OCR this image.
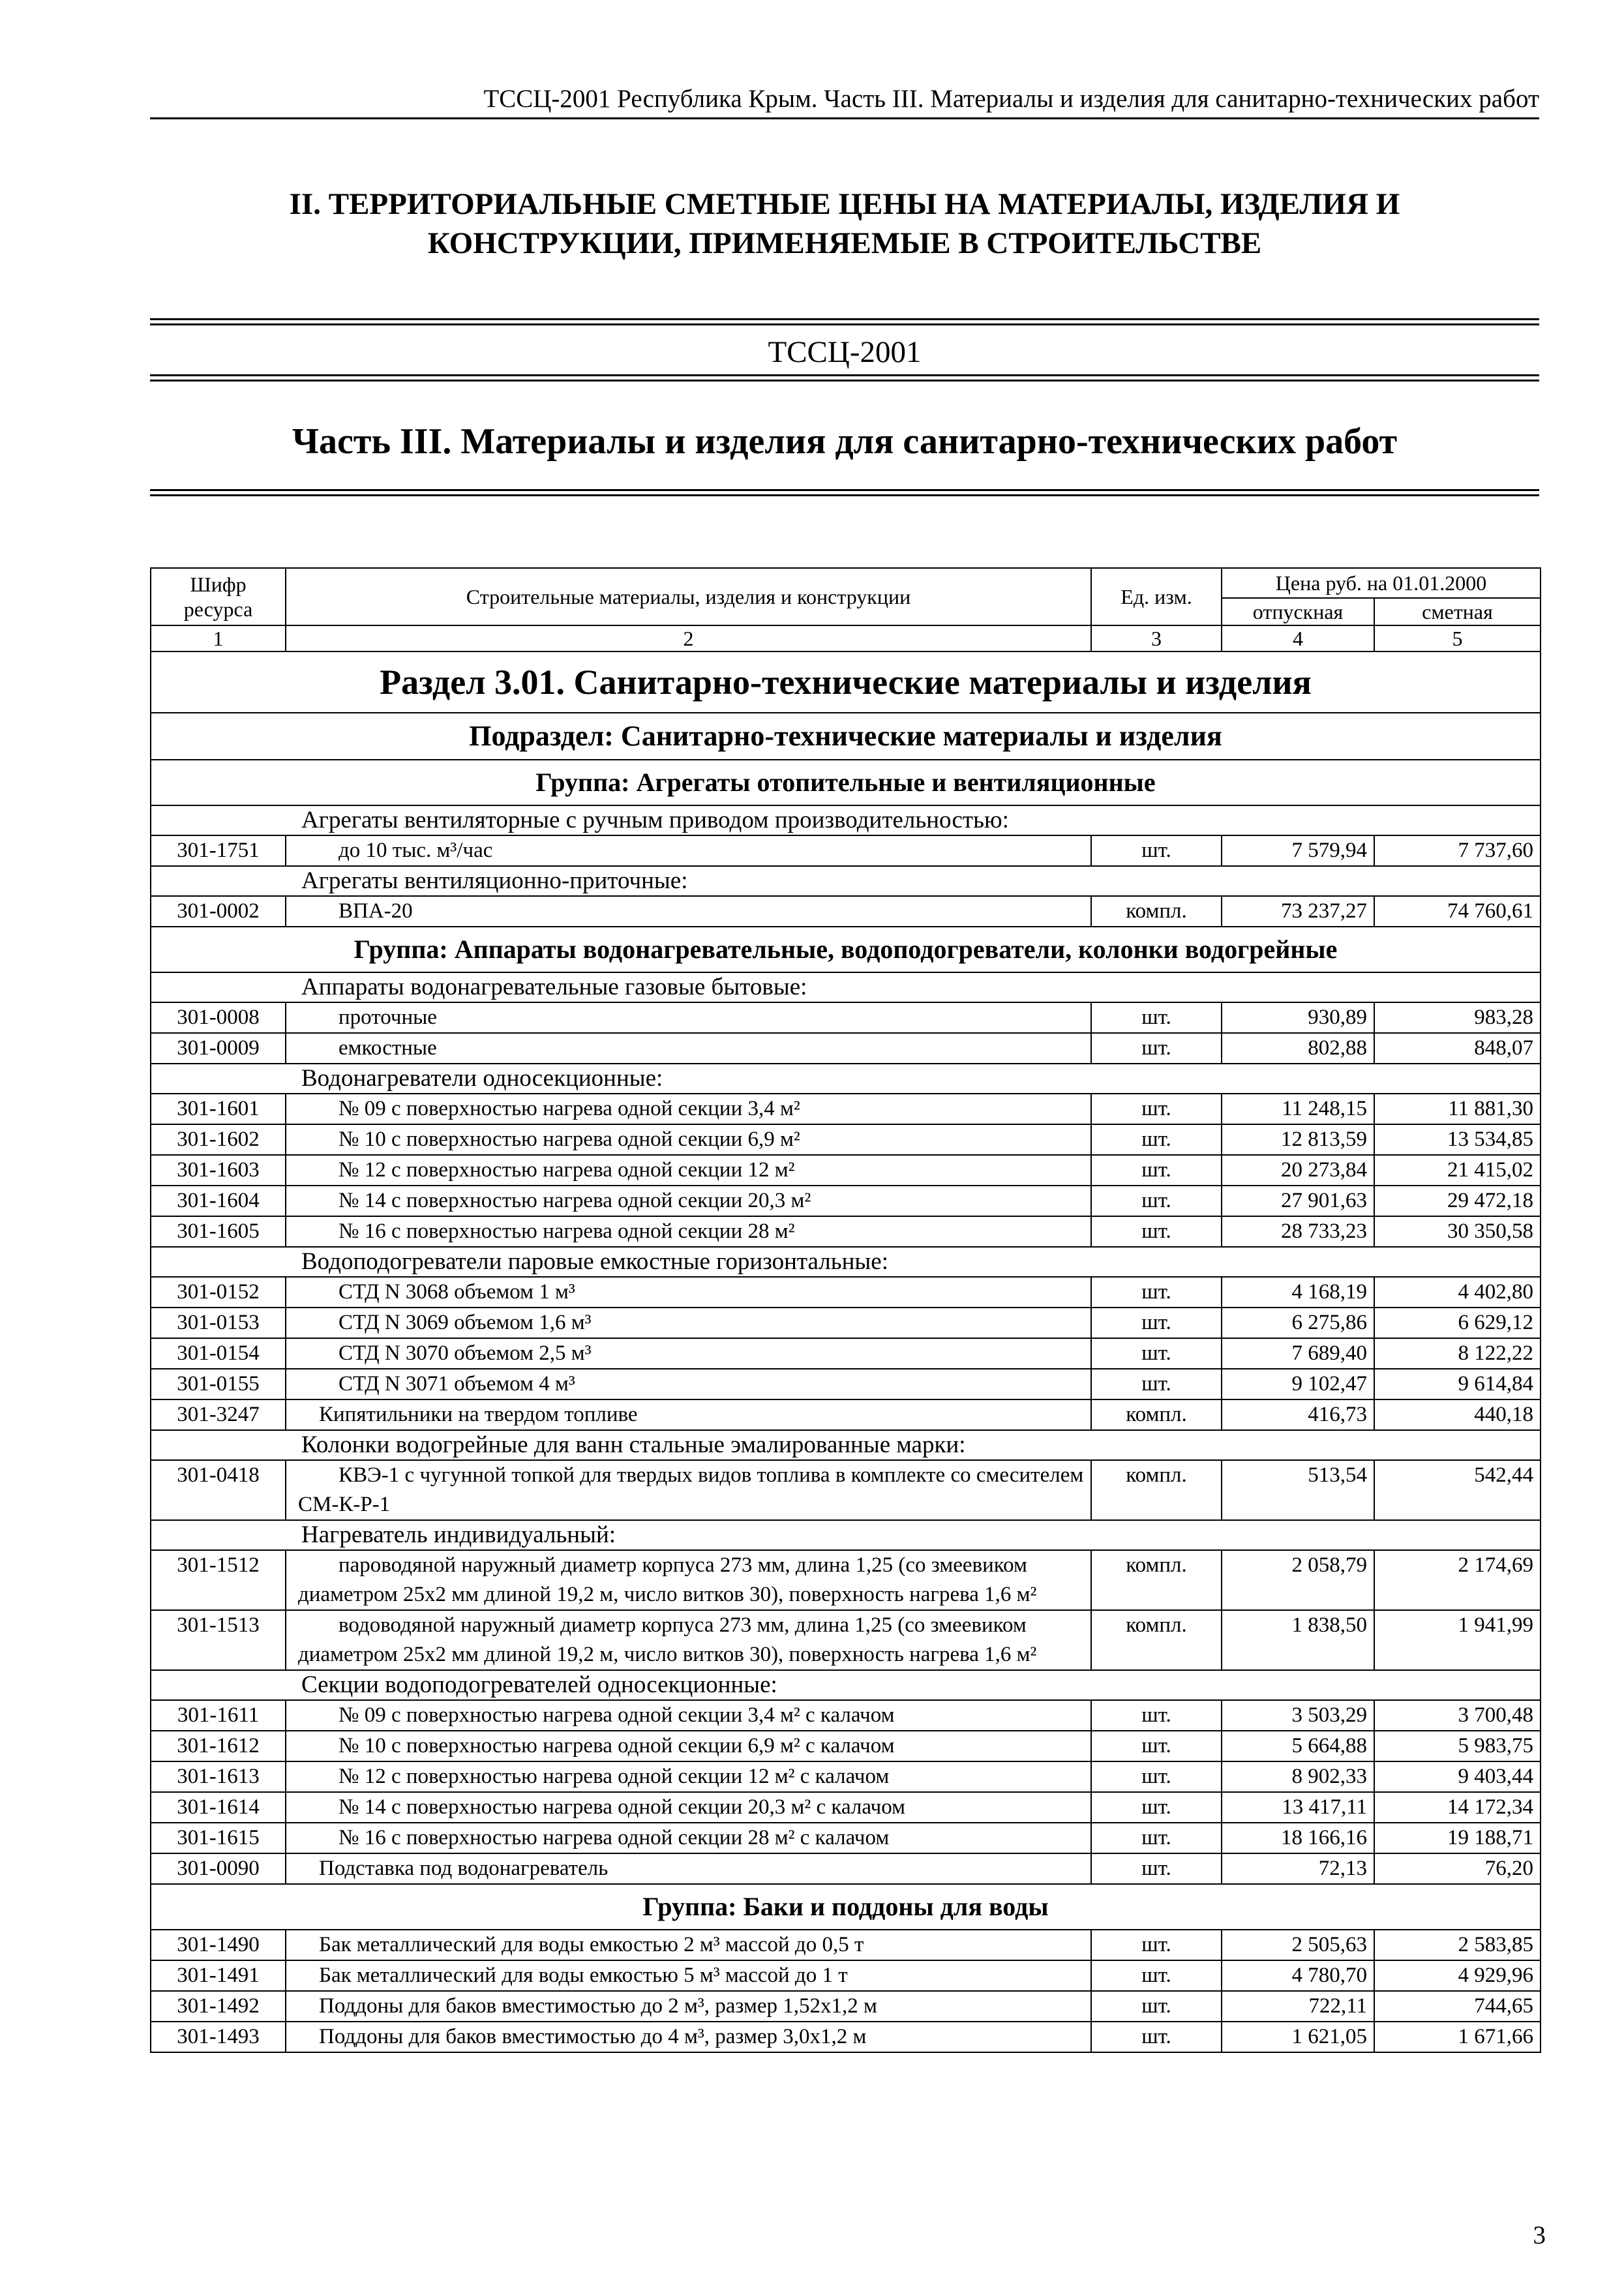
ТССЦ-2001 Республика Крым. Часть III. Материалы и изделия для санитарно-технических работ
II. ТЕРРИТОРИАЛЬНЫЕ СМЕТНЫЕ ЦЕНЫ НА МАТЕРИАЛЫ, ИЗДЕЛИЯ И
КОНСТРУКЦИИ, ПРИМЕНЯЕМЫЕ В СТРОИТЕЛЬСТВЕ
ТССЦ-2001
Часть III. Материалы и изделия для санитарно-технических работ
Шифр ресурса	Строительные материалы, изделия и конструкции	Ед. изм.	Цена руб. на 01.01.2000	
			отпускная	сметная
1	2	3	4	5
Раздел 3.01. Санитарно-технические материалы и изделия				
Подраздел: Санитарно-технические материалы и изделия				
Группа: Агрегаты отопительные и вентиляционные				
Агрегаты вентиляторные с ручным приводом производительностью:				
301-1751	до 10 тыс. м³/час	шт.	7 579,94	7 737,60
Агрегаты вентиляционно-приточные:				
301-0002	ВПА-20	компл.	73 237,27	74 760,61
Группа: Аппараты водонагревательные, водоподогреватели, колонки водогрейные				
Аппараты водонагревательные газовые бытовые:				
301-0008	проточные	шт.	930,89	983,28
301-0009	емкостные	шт.	802,88	848,07
Водонагреватели односекционные:				
301-1601	№ 09 с поверхностью нагрева одной секции 3,4 м²	шт.	11 248,15	11 881,30
301-1602	№ 10 с поверхностью нагрева одной секции 6,9 м²	шт.	12 813,59	13 534,85
301-1603	№ 12 с поверхностью нагрева одной секции 12 м²	шт.	20 273,84	21 415,02
301-1604	№ 14 с поверхностью нагрева одной секции 20,3 м²	шт.	27 901,63	29 472,18
301-1605	№ 16 с поверхностью нагрева одной секции 28 м²	шт.	28 733,23	30 350,58
Водоподогреватели паровые емкостные горизонтальные:				
301-0152	СТД N 3068 объемом 1 м³	шт.	4 168,19	4 402,80
301-0153	СТД N 3069 объемом 1,6 м³	шт.	6 275,86	6 629,12
301-0154	СТД N 3070 объемом 2,5 м³	шт.	7 689,40	8 122,22
301-0155	СТД N 3071 объемом 4 м³	шт.	9 102,47	9 614,84
301-3247	Кипятильники на твердом топливе	компл.	416,73	440,18
Колонки водогрейные для ванн стальные эмалированные марки:				
301-0418	КВЭ-1 с чугунной топкой для твердых видов топлива в комплекте со смесителем СМ-К-Р-1	компл.	513,54	542,44
Нагреватель индивидуальный:				
301-1512	пароводяной наружный диаметр корпуса 273 мм, длина 1,25 (со змеевиком диаметром 25х2 мм длиной 19,2 м, число витков 30), поверхность нагрева 1,6 м²	компл.	2 058,79	2 174,69
301-1513	водоводяной наружный диаметр корпуса 273 мм, длина 1,25 (со змеевиком диаметром 25х2 мм длиной 19,2 м, число витков 30), поверхность нагрева 1,6 м²	компл.	1 838,50	1 941,99
Секции водоподогревателей односекционные:				
301-1611	№ 09 с поверхностью нагрева одной секции 3,4 м² с калачом	шт.	3 503,29	3 700,48
301-1612	№ 10 с поверхностью нагрева одной секции 6,9 м² с калачом	шт.	5 664,88	5 983,75
301-1613	№ 12 с поверхностью нагрева одной секции 12 м² с калачом	шт.	8 902,33	9 403,44
301-1614	№ 14 с поверхностью нагрева одной секции 20,3 м² с калачом	шт.	13 417,11	14 172,34
301-1615	№ 16 с поверхностью нагрева одной секции 28 м² с калачом	шт.	18 166,16	19 188,71
301-0090	Подставка под водонагреватель	шт.	72,13	76,20
Группа: Баки и поддоны для воды				
301-1490	Бак металлический для воды емкостью 2 м³ массой до 0,5 т	шт.	2 505,63	2 583,85
301-1491	Бак металлический для воды емкостью 5 м³ массой до 1 т	шт.	4 780,70	4 929,96
301-1492	Поддоны для баков вместимостью до 2 м³, размер 1,52х1,2 м	шт.	722,11	744,65
301-1493	Поддоны для баков вместимостью до 4 м³, размер 3,0х1,2 м	шт.	1 621,05	1 671,66
3
